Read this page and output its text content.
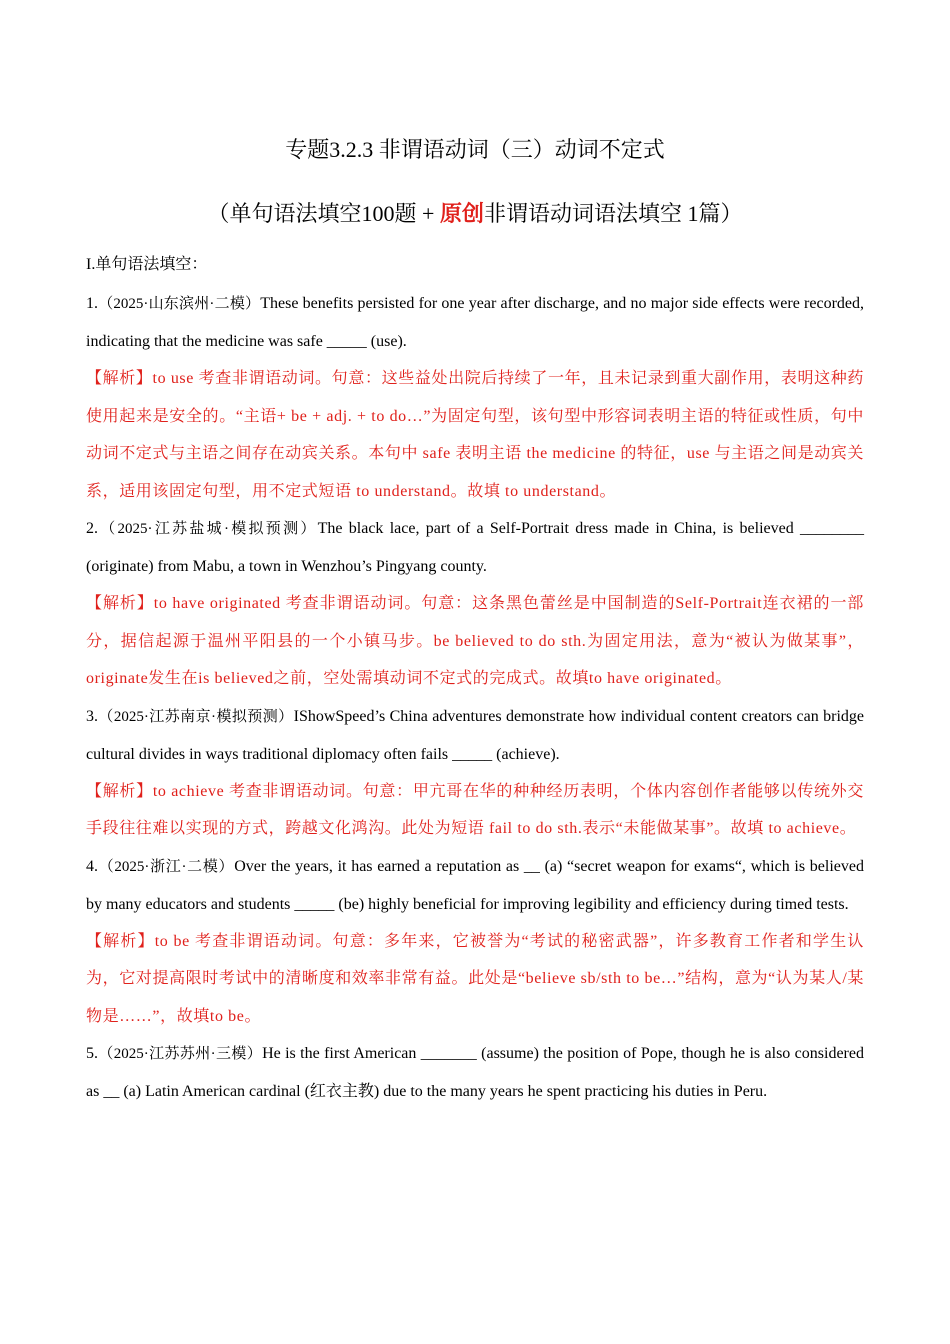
专题3.2.3 非谓语动词（三）动词不定式
（单句语法填空100题 + 原创非谓语动词语法填空 1篇）

I.单句语法填空：

1.（2025·山东滨州·二模）These benefits persisted for one year after discharge, and no major side effects were recorded, indicating that the medicine was safe _____ (use).

【解析】to use 考查非谓语动词。句意：这些益处出院后持续了一年，且未记录到重大副作用，表明这种药使用起来是安全的。“主语+ be + adj. + to do…”为固定句型，该句型中形容词表明主语的特征或性质，句中动词不定式与主语之间存在动宾关系。本句中 safe 表明主语 the medicine 的特征，use 与主语之间是动宾关系，适用该固定句型，用不定式短语 to understand。故填 to understand。

2.（2025·江苏盐城·模拟预测）The black lace, part of a Self-Portrait dress made in China, is believed ________ (originate) from Mabu, a town in Wenzhou’s Pingyang county.

【解析】to have originated 考查非谓语动词。句意：这条黑色蕾丝是中国制造的Self-Portrait连衣裙的一部分，据信起源于温州平阳县的一个小镇马步。be believed to do sth.为固定用法，意为“被认为做某事”，originate发生在is believed之前，空处需填动词不定式的完成式。故填to have originated。

3.（2025·江苏南京·模拟预测）IShowSpeed’s China adventures demonstrate how individual content creators can bridge cultural divides in ways traditional diplomacy often fails _____ (achieve).

【解析】to achieve 考查非谓语动词。句意：甲亢哥在华的种种经历表明，个体内容创作者能够以传统外交手段往往难以实现的方式，跨越文化鸿沟。此处为短语 fail to do sth.表示“未能做某事”。故填 to achieve。

4.（2025·浙江·二模）Over the years, it has earned a reputation as __ (a) “secret weapon for exams“, which is believed by many educators and students _____ (be) highly beneficial for improving legibility and efficiency during timed tests.

【解析】to be 考查非谓语动词。句意：多年来，它被誉为“考试的秘密武器”，许多教育工作者和学生认为，它对提高限时考试中的清晰度和效率非常有益。此处是“believe sb/sth to be…”结构，意为“认为某人/某物是……”，故填to be。

5.（2025·江苏苏州·三模）He is the first American _______ (assume) the position of Pope, though he is also considered as __ (a) Latin American cardinal (红衣主教) due to the many years he spent practicing his duties in Peru.
